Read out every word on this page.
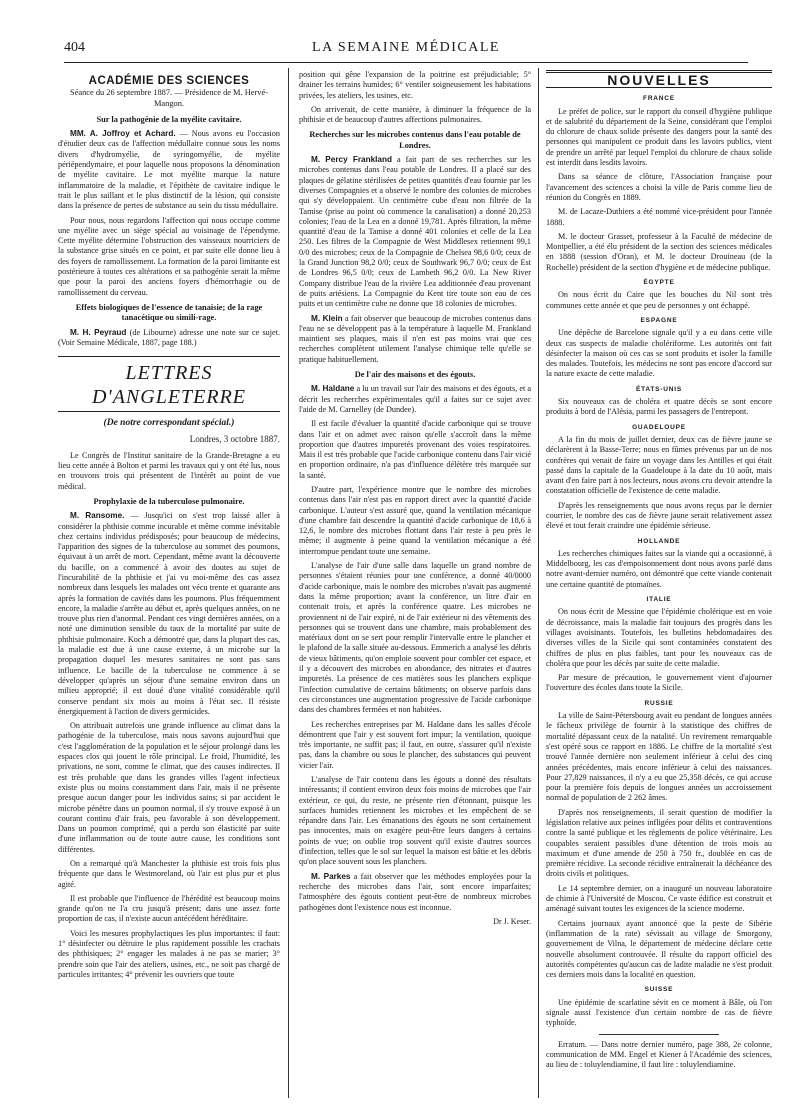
404	LA SEMAINE MÉDICALE
ACADÉMIE DES SCIENCES
Séance du 26 septembre 1887. — Présidence de M. Hervé-Mangon.
Sur la pathogénie de la myélite cavitaire.

MM. A. Joffroy et Achard. — Nous avons eu l'occasion d'étudier deux cas de l'affection médullaire connue sous les noms divers d'hydromyélie, de syringomyélie, de myélite périépendymaire, et pour laquelle nous proposons la dénomination de myélite cavitaire. Le mot myélite marque la nature inflammatoire de la maladie, et l'épithète de cavitaire indique le trait le plus saillant et le plus distinctif de la lésion, qui consiste dans la présence de pertes de substance au sein du tissu médullaire.

Pour nous, nous regardons l'affection qui nous occupe comme une myélite avec un siège spécial au voisinage de l'épendyme. Cette myélite détermine l'obstruction des vaisseaux nourriciers de la substance grise situés en ce point, et par suite elle donne lieu à des foyers de ramollissement. La formation de la paroi limitante est postérieure à toutes ces altérations et sa pathogénie serait la même que pour la paroi des anciens foyers d'hémorrhagie ou de ramollissement du cerveau.

Effets biologiques de l'essence de tanaisie; de la rage tanacétique ou simili-rage.

M. H. Peyraud (de Libourne) adresse une note sur ce sujet. (Voir Semaine Médicale, 1887, page 188.)

LETTRES D'ANGLETERRE
(De notre correspondant spécial.)
Londres, 3 octobre 1887.

Le Congrès de l'Institut sanitaire de la Grande-Bretagne a eu lieu cette année à Bolton et parmi les travaux qui y ont été lus, nous en trouvons trois qui présentent de l'intérêt au point de vue médical.

Prophylaxie de la tuberculose pulmonaire.

M. Ransome. — Jusqu'ici on s'est trop laissé aller à considérer la phthisie comme incurable et même comme inévitable chez certains individus prédisposés; pour beaucoup de médecins, l'apparition des signes de la tuberculose au sommet des poumons, équivaut à un arrêt de mort. Cependant, même avant la découverte du bacille, on a commencé à avoir des doutes au sujet de l'incurabilité de la phthisie et j'ai vu moi-même des cas assez nombreux dans lesquels les malades ont vécu trente et quarante ans après la formation de cavités dans les poumons. Plus fréquemment encore, la maladie s'arrête au début et, après quelques années, on ne trouve plus rien d'anormal. Pendant ces vingt dernières années, on a noté une diminution sensible du taux de la mortalité par suite de phthisie pulmonaire. Koch a démontré que, dans la plupart des cas, la maladie est due à une cause externe, à un microbe sur la propagation duquel les mesures sanitaires ne sont pas sans influence. Le bacille de la tuberculose ne commence à se développer qu'après un séjour d'une semaine environ dans un milieu approprié; il est doué d'une vitalité considérable qu'il conserve pendant six mois au moins à l'état sec. Il résiste énergiquement à l'action de divers germicides.

On attribuait autrefois une grande influence au climat dans la pathogénie de la tuberculose, mais nous savons aujourd'hui que c'est l'agglomération de la population et le séjour prolongé dans les espaces clos qui jouent le rôle principal. Le froid, l'humidité, les privations, ne sont, comme le climat, que des causes indirectes. Il est très probable que dans les grandes villes l'agent infectieux existe plus ou moins constamment dans l'air, mais il ne présente presque aucun danger pour les individus sains; si par accident le microbe pénètre dans un poumon normal, il s'y trouve exposé à un courant continu d'air frais, peu favorable à son développement. Dans un poumon comprimé, qui a perdu son élasticité par suite d'une inflammation ou de toute autre cause, les conditions sont différentes.

On a remarqué qu'à Manchester la phthisie est trois fois plus fréquente que dans le Westmoreland, où l'air est plus pur et plus agité.

Il est probable que l'influence de l'hérédité est beaucoup moins grande qu'on ne l'a cru jusqu'à présent; dans une assez forte proportion de cas, il n'existe aucun antécédent héréditaire.

Voici les mesures prophylactiques les plus importantes: il faut: 1° désinfecter ou détruire le plus rapidement possible les crachats des phthisiques; 2° engager les malades à ne pas se marier; 3° prendre soin que l'air des ateliers, usines, etc., ne soit pas chargé de particules irritantes; 4° prévenir les ouvriers que toute

position qui gêne l'expansion de la poitrine est préjudiciable; 5° drainer les terrains humides; 6° ventiler soigneusement les habitations privées, les ateliers, les usines, etc.

On arriverait, de cette manière, à diminuer la fréquence de la phthisie et de beaucoup d'autres affections pulmonaires.

Recherches sur les microbes contenus dans l'eau potable de Londres.

M. Percy Frankland a fait part de ses recherches sur les microbes contenus dans l'eau potable de Londres. Il a placé sur des plaques de gélatine stérilisées de petites quantités d'eau fournie par les diverses Compagnies et a observé le nombre des colonies de microbes qui s'y développaient. Un centimètre cube d'eau non filtrée de la Tamise (prise au point où commence la canalisation) a donné 20,253 colonies; l'eau de la Lea en a donné 19,781. Après filtration, la même quantité d'eau de la Tamise a donné 401 colonies et celle de la Lea 250. Les filtres de la Compagnie de West Middlesex retiennent 99,1 0/0 des microbes; ceux de la Compagnie de Chelsea 98,6 0/0; ceux de la Grand Junction 98,2 0/0; ceux de Southwark 96,7 0/0; ceux de Est de Londres 96,5 0/0; ceux de Lambeth 96,2 0/0. La New River Company distribue l'eau de la rivière Lea additionnée d'eau provenant de puits artésiens. La Compagnie du Kent tire toute son eau de ces puits et un centimètre cube ne donne que 18 colonies de microbes.

M. Klein a fait observer que beaucoup de microbes contenus dans l'eau ne se développent pas à la température à laquelle M. Frankland maintient ses plaques, mais il n'en est pas moins vrai que ces recherches complètent utilement l'analyse chimique telle qu'elle se pratique habituellement.

De l'air des maisons et des égouts.

M. Haldane a lu un travail sur l'air des maisons et des égouts, et a décrit les recherches expérimentales qu'il a faites sur ce sujet avec l'aide de M. Carnelley (de Dundee).

Il est facile d'évaluer la quantité d'acide carbonique qui se trouve dans l'air et on admet avec raison qu'elle s'accroît dans la même proportion que d'autres impuretés provenant des voies respiratoires. Mais il est très probable que l'acide carbonique contenu dans l'air vicié en proportion ordinaire, n'a pas d'influence délétère très marquée sur la santé.

D'autre part, l'expérience montre que le nombre des microbes contenus dans l'air n'est pas en rapport direct avec la quantité d'acide carbonique. L'auteur s'est assuré que, quand la ventilation mécanique d'une chambre fait descendre la quantité d'acide carbonique de 18,6 à 12,6, le nombre des microbes flottant dans l'air reste à peu près le même; il augmente à peine quand la ventilation mécanique a été interrompue pendant toute une semaine.

L'analyse de l'air d'une salle dans laquelle un grand nombre de personnes s'étaient réunies pour une conférence, a donné 40/0000 d'acide carbonique, mais le nombre des microbes n'avait pas augmenté dans la même proportion; avant la conférence, un litre d'air en contenait trois, et après la conférence quatre. Les microbes ne proviennent ni de l'air expiré, ni de l'air extérieur ni des vêtements des personnes qui se trouvent dans une chambre, mais probablement des matériaux dont on se sert pour remplir l'intervalle entre le plancher et le plafond de la salle située au-dessous. Emmerich a analysé les débris de vieux bâtiments, qu'on emploie souvent pour combler cet espace, et il y a découvert des microbes en abondance, des nitrates et d'autres impuretés. La présence de ces matières sous les planchers explique l'infection cumulative de certains bâtiments; on observe parfois dans ces circonstances une augmentation progressive de l'acide carbonique dans des chambres fermées et non habitées.

Les recherches entreprises par M. Haldane dans les salles d'école démontrent que l'air y est souvent fort impur; la ventilation, quoique très importante, ne suffit pas; il faut, en outre, s'assurer qu'il n'existe pas, dans la chambre ou sous le plancher, des substances qui peuvent vicier l'air.

L'analyse de l'air contenu dans les égouts a donné des résultats intéressants; il contient environ deux fois moins de microbes que l'air extérieur, ce qui, du reste, ne présente rien d'étonnant, puisque les surfaces humides retiennent les microbes et les empêchent de se répandre dans l'air. Les émanations des égouts ne sont certainement pas innocentes, mais on exagère peut-être leurs dangers à certains points de vue; on oublie trop souvent qu'il existe d'autres sources d'infection, telles que le sol sur lequel la maison est bâtie et les débris qu'on place souvent sous les planchers.

M. Parkes a fait observer que les méthodes employées pour la recherche des microbes dans l'air, sont encore imparfaites; l'atmosphère des égouts contient peut-être de nombreux microbes pathogènes dont l'existence nous est inconnue.

Dr J. Keser.
NOUVELLES
FRANCE

Le préfet de police, sur le rapport du conseil d'hygiène publique et de salubrité du département de la Seine, considérant que l'emploi du chlorure de chaux solide présente des dangers pour la santé des personnes qui manipulent ce produit dans les lavoirs publics, vient de prendre un arrêté par lequel l'emploi du chlorure de chaux solide est interdit dans lesdits lavoirs.

Dans sa séance de clôture, l'Association française pour l'avancement des sciences a choisi la ville de Paris comme lieu de réunion du Congrès en 1889.

M. de Lacaze-Duthiers a été nommé vice-président pour l'année 1888.

M. le docteur Grasset, professeur à la Faculté de médecine de Montpellier, a été élu président de la section des sciences médicales en 1888 (session d'Oran), et M. le docteur Drouineau (de la Rochelle) président de la section d'hygiène et de médecine publique.

ÉGYPTE

On nous écrit du Caire que les bouches du Nil sont très communes cette année et que peu de personnes y ont échappé.

ESPAGNE

Une dépêche de Barcelone signale qu'il y a eu dans cette ville deux cas suspects de maladie cholériforme. Les autorités ont fait désinfecter la maison où ces cas se sont produits et isoler la famille des malades. Toutefois, les médecins ne sont pas encore d'accord sur la nature exacte de cette maladie.

ÉTATS-UNIS

Six nouveaux cas de choléra et quatre décès se sont encore produits à bord de l'Alésia, parmi les passagers de l'entrepont.

GUADELOUPE

A la fin du mois de juillet dernier, deux cas de fièvre jaune se déclarèrent à la Basse-Terre; nous en fûmes prévenus par un de nos confrères qui venait de faire un voyage dans les Antilles et qui était passé dans la capitale de la Guadeloupe à la date du 10 août, mais avant d'en faire part à nos lecteurs, nous avons cru devoir attendre la constatation officielle de l'existence de cette maladie.

D'après les renseignements que nous avons reçus par le dernier courrier, le nombre des cas de fièvre jaune serait relativement assez élevé et tout ferait craindre une épidémie sérieuse.

HOLLANDE

Les recherches chimiques faites sur la viande qui a occasionné, à Middelbourg, les cas d'empoisonnement dont nous avons parlé dans notre avant-dernier numéro, ont démontré que cette viande contenait une certaine quantité de ptomaïnes.

ITALIE

On nous écrit de Messine que l'épidémie cholérique est en voie de décroissance, mais la maladie fait toujours des progrès dans les villages avoisinants. Toutefois, les bulletins hebdomadaires des diverses villes de la Sicile qui sont contaminées constatent des chiffres de plus en plus faibles, tant pour les nouveaux cas de choléra que pour les décès par suite de cette maladie.

Par mesure de précaution, le gouvernement vient d'ajourner l'ouverture des écoles dans toute la Sicile.

RUSSIE

La ville de Saint-Pétersbourg avait eu pendant de longues années le fâcheux privilège de fournir à la statistique des chiffres de mortalité dépassant ceux de la natalité. Un revirement remarquable s'est opéré sous ce rapport en 1886. Le chiffre de la mortalité s'est trouvé l'année dernière non seulement inférieur à celui des cinq années précédentes, mais encore inférieur à celui des naissances. Pour 27,829 naissances, il n'y a eu que 25,358 décès, ce qui accuse pour la première fois depuis de longues années un accroissement normal de population de 2 262 âmes.

D'après nos renseignements, il serait question de modifier la législation relative aux peines infligées pour délits et contraventions contre la santé publique et les règlements de police vétérinaire. Les coupables seraient passibles d'une détention de trois mois au maximum et d'une amende de 250 à 750 fr., doublée en cas de première récidive. La seconde récidive entraînerait la déchéance des droits civils et politiques.

Le 14 septembre dernier, on a inauguré un nouveau laboratoire de chimie à l'Université de Moscou. Ce vaste édifice est construit et aménagé suivant toutes les exigences de la science moderne.

Certains journaux ayant annoncé que la peste de Sibérie (inflammation de la rate) sévissait au village de Smorgony, gouvernement de Vilna, le département de médecine déclare cette nouvelle absolument controuvée. Il résulte du rapport officiel des autorités compétentes qu'aucun cas de ladite maladie ne s'est produit ces derniers mois dans la localité en question.

SUISSE

Une épidémie de scarlatine sévit en ce moment à Bâle, où l'on signale aussi l'existence d'un certain nombre de cas de fièvre typhoïde.

Erratum. — Dans notre dernier numéro, page 388, 2e colonne, communication de MM. Engel et Kiener à l'Académie des sciences, au lieu de : toluylendiamine, il faut lire : toluylendiamine.
